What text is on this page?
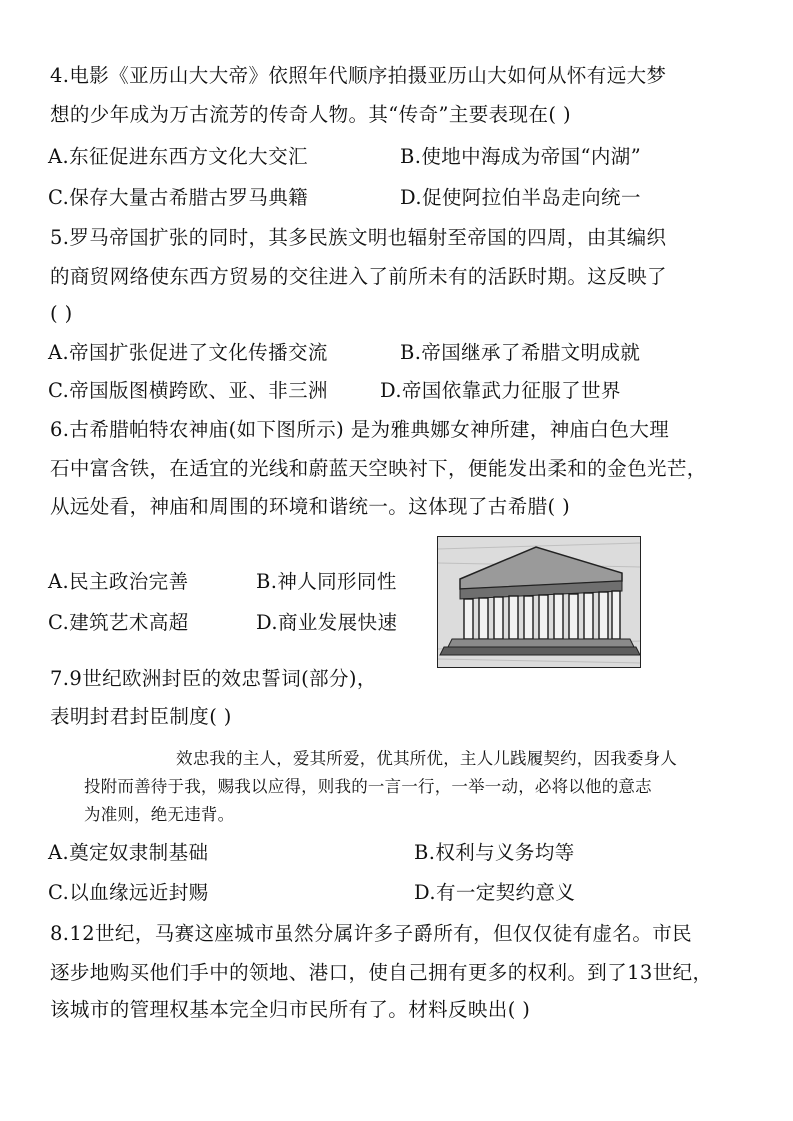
4.电影《亚历山大大帝》依照年代顺序拍摄亚历山大如何从怀有远大梦
想的少年成为万古流芳的传奇人物。其“传奇”主要表现在( )
A.东征促进东西方文化大交汇	B.使地中海成为帝国“内湖”
C.保存大量古希腊古罗马典籍	D.促使阿拉伯半岛走向统一
5.罗马帝国扩张的同时，其多民族文明也辐射至帝国的四周，由其编织
的商贸网络使东西方贸易的交往进入了前所未有的活跃时期。这反映了
( )
A.帝国扩张促进了文化传播交流	B.帝国继承了希腊文明成就
C.帝国版图横跨欧、亚、非三洲	D.帝国依靠武力征服了世界
6.古希腊帕特农神庙(如下图所示) 是为雅典娜女神所建，神庙白色大理
石中富含铁，在适宜的光线和蔚蓝天空映衬下，便能发出柔和的金色光芒，
从远处看，神庙和周围的环境和谐统一。这体现了古希腊( )
A.民主政治完善	B.神人同形同性
C.建筑艺术高超	D.商业发展快速
7.9世纪欧洲封臣的效忠誓词(部分)，
表明封君封臣制度( )
效忠我的主人，爱其所爱，优其所优，主人儿践履契约，因我委身人
投附而善待于我，赐我以应得，则我的一言一行，一举一动，必将以他的意志
为准则，绝无违背。
A.奠定奴隶制基础	B.权利与义务均等
C.以血缘远近封赐	D.有一定契约意义
8.12世纪，马赛这座城市虽然分属许多子爵所有，但仅仅徒有虚名。市民
逐步地购买他们手中的领地、港口，使自己拥有更多的权利。到了13世纪，
该城市的管理权基本完全归市民所有了。材料反映出( )
